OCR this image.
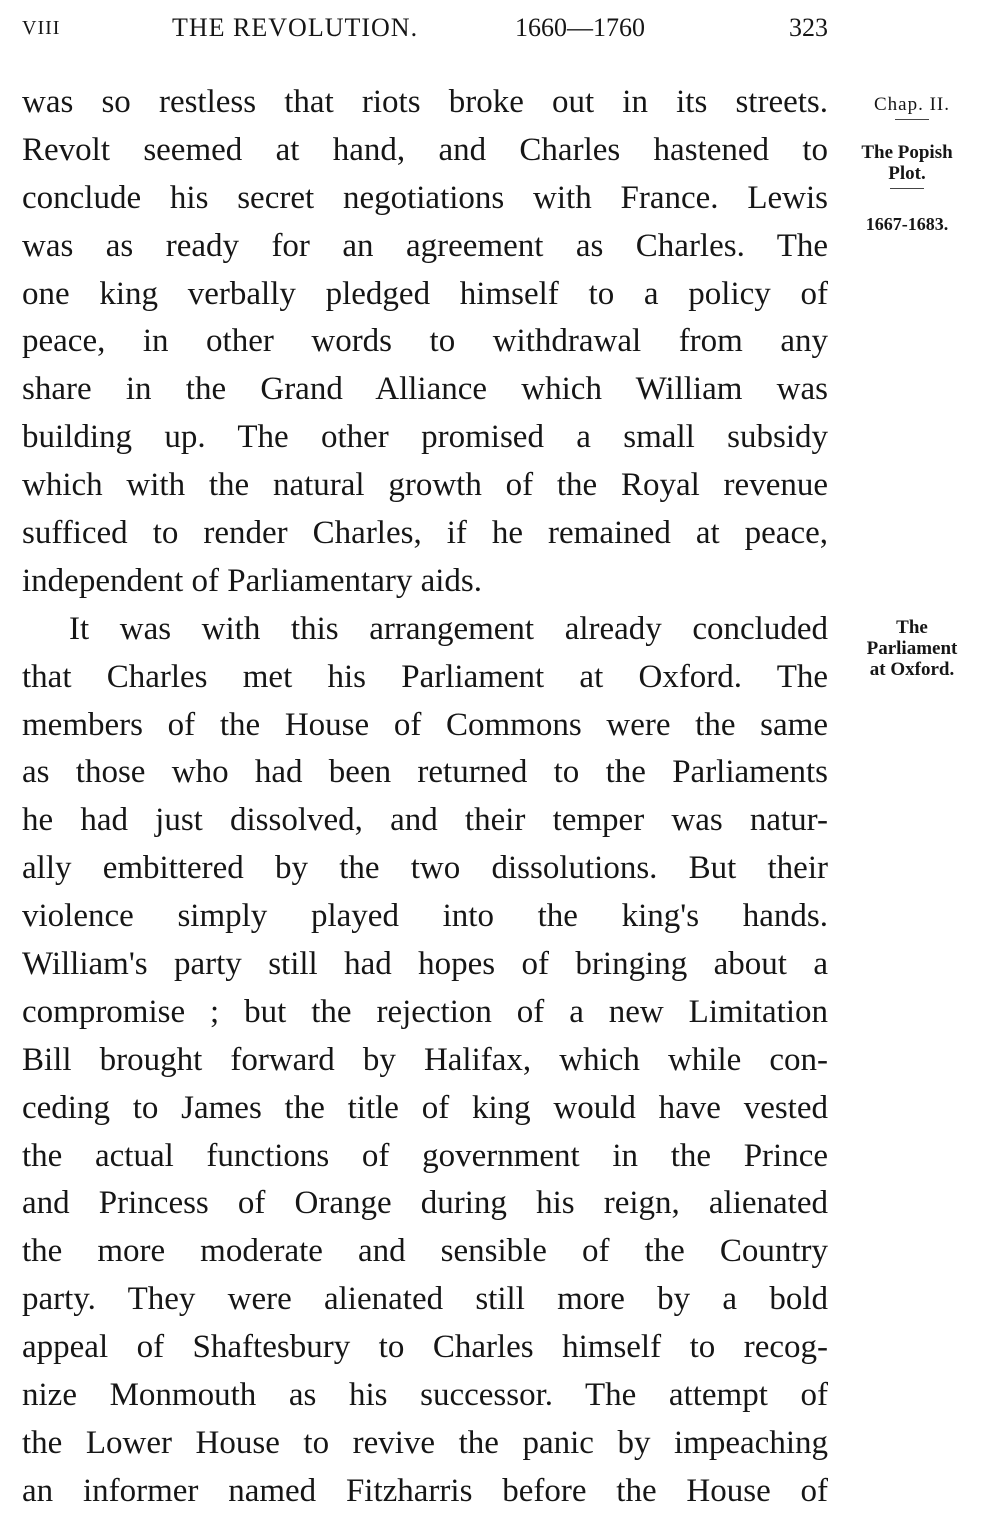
VIII	THE REVOLUTION.	1660—1760	323
Chap. II.
The Popish
Plot.
1667-1683.
The
Parliament
at Oxford.
was so restless that riots broke out in its streets.
Revolt seemed at hand, and Charles hastened to
conclude his secret negotiations with France. Lewis
was as ready for an agreement as Charles. The
one king verbally pledged himself to a policy of
peace, in other words to withdrawal from any
share in the Grand Alliance which William was
building up. The other promised a small subsidy
which with the natural growth of the Royal revenue
sufficed to render Charles, if he remained at peace,
independent of Parliamentary aids.
It was with this arrangement already concluded
that Charles met his Parliament at Oxford. The
members of the House of Commons were the same
as those who had been returned to the Parliaments
he had just dissolved, and their temper was natur-
ally embittered by the two dissolutions. But their
violence simply played into the king's hands.
William's party still had hopes of bringing about a
compromise ; but the rejection of a new Limitation
Bill brought forward by Halifax, which while con-
ceding to James the title of king would have vested
the actual functions of government in the Prince
and Princess of Orange during his reign, alienated
the more moderate and sensible of the Country
party. They were alienated still more by a bold
appeal of Shaftesbury to Charles himself to recog-
nize Monmouth as his successor. The attempt of
the Lower House to revive the panic by impeaching
an informer named Fitzharris before the House of
